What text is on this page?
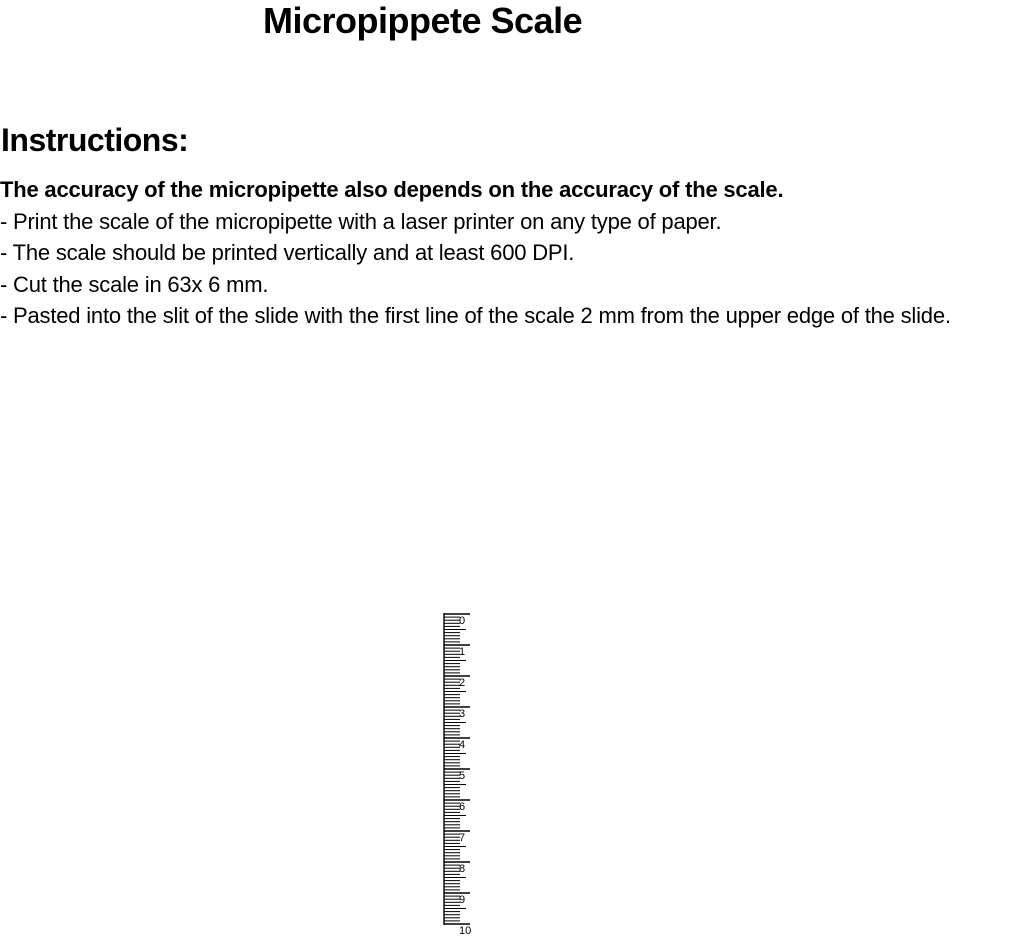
Micropippete Scale
Instructions:

The accuracy of the micropipette also depends on the accuracy of the scale.

- Print the scale of the micropipette with a laser printer on any type of paper.

- The scale should be printed vertically and at least 600 DPI.

- Cut the scale in 63x 6 mm.

- Pasted into the slit of the slide with the first line of the scale 2 mm from the upper edge of the slide.

0
1
2
3
4
5
6
7
8
9
10
